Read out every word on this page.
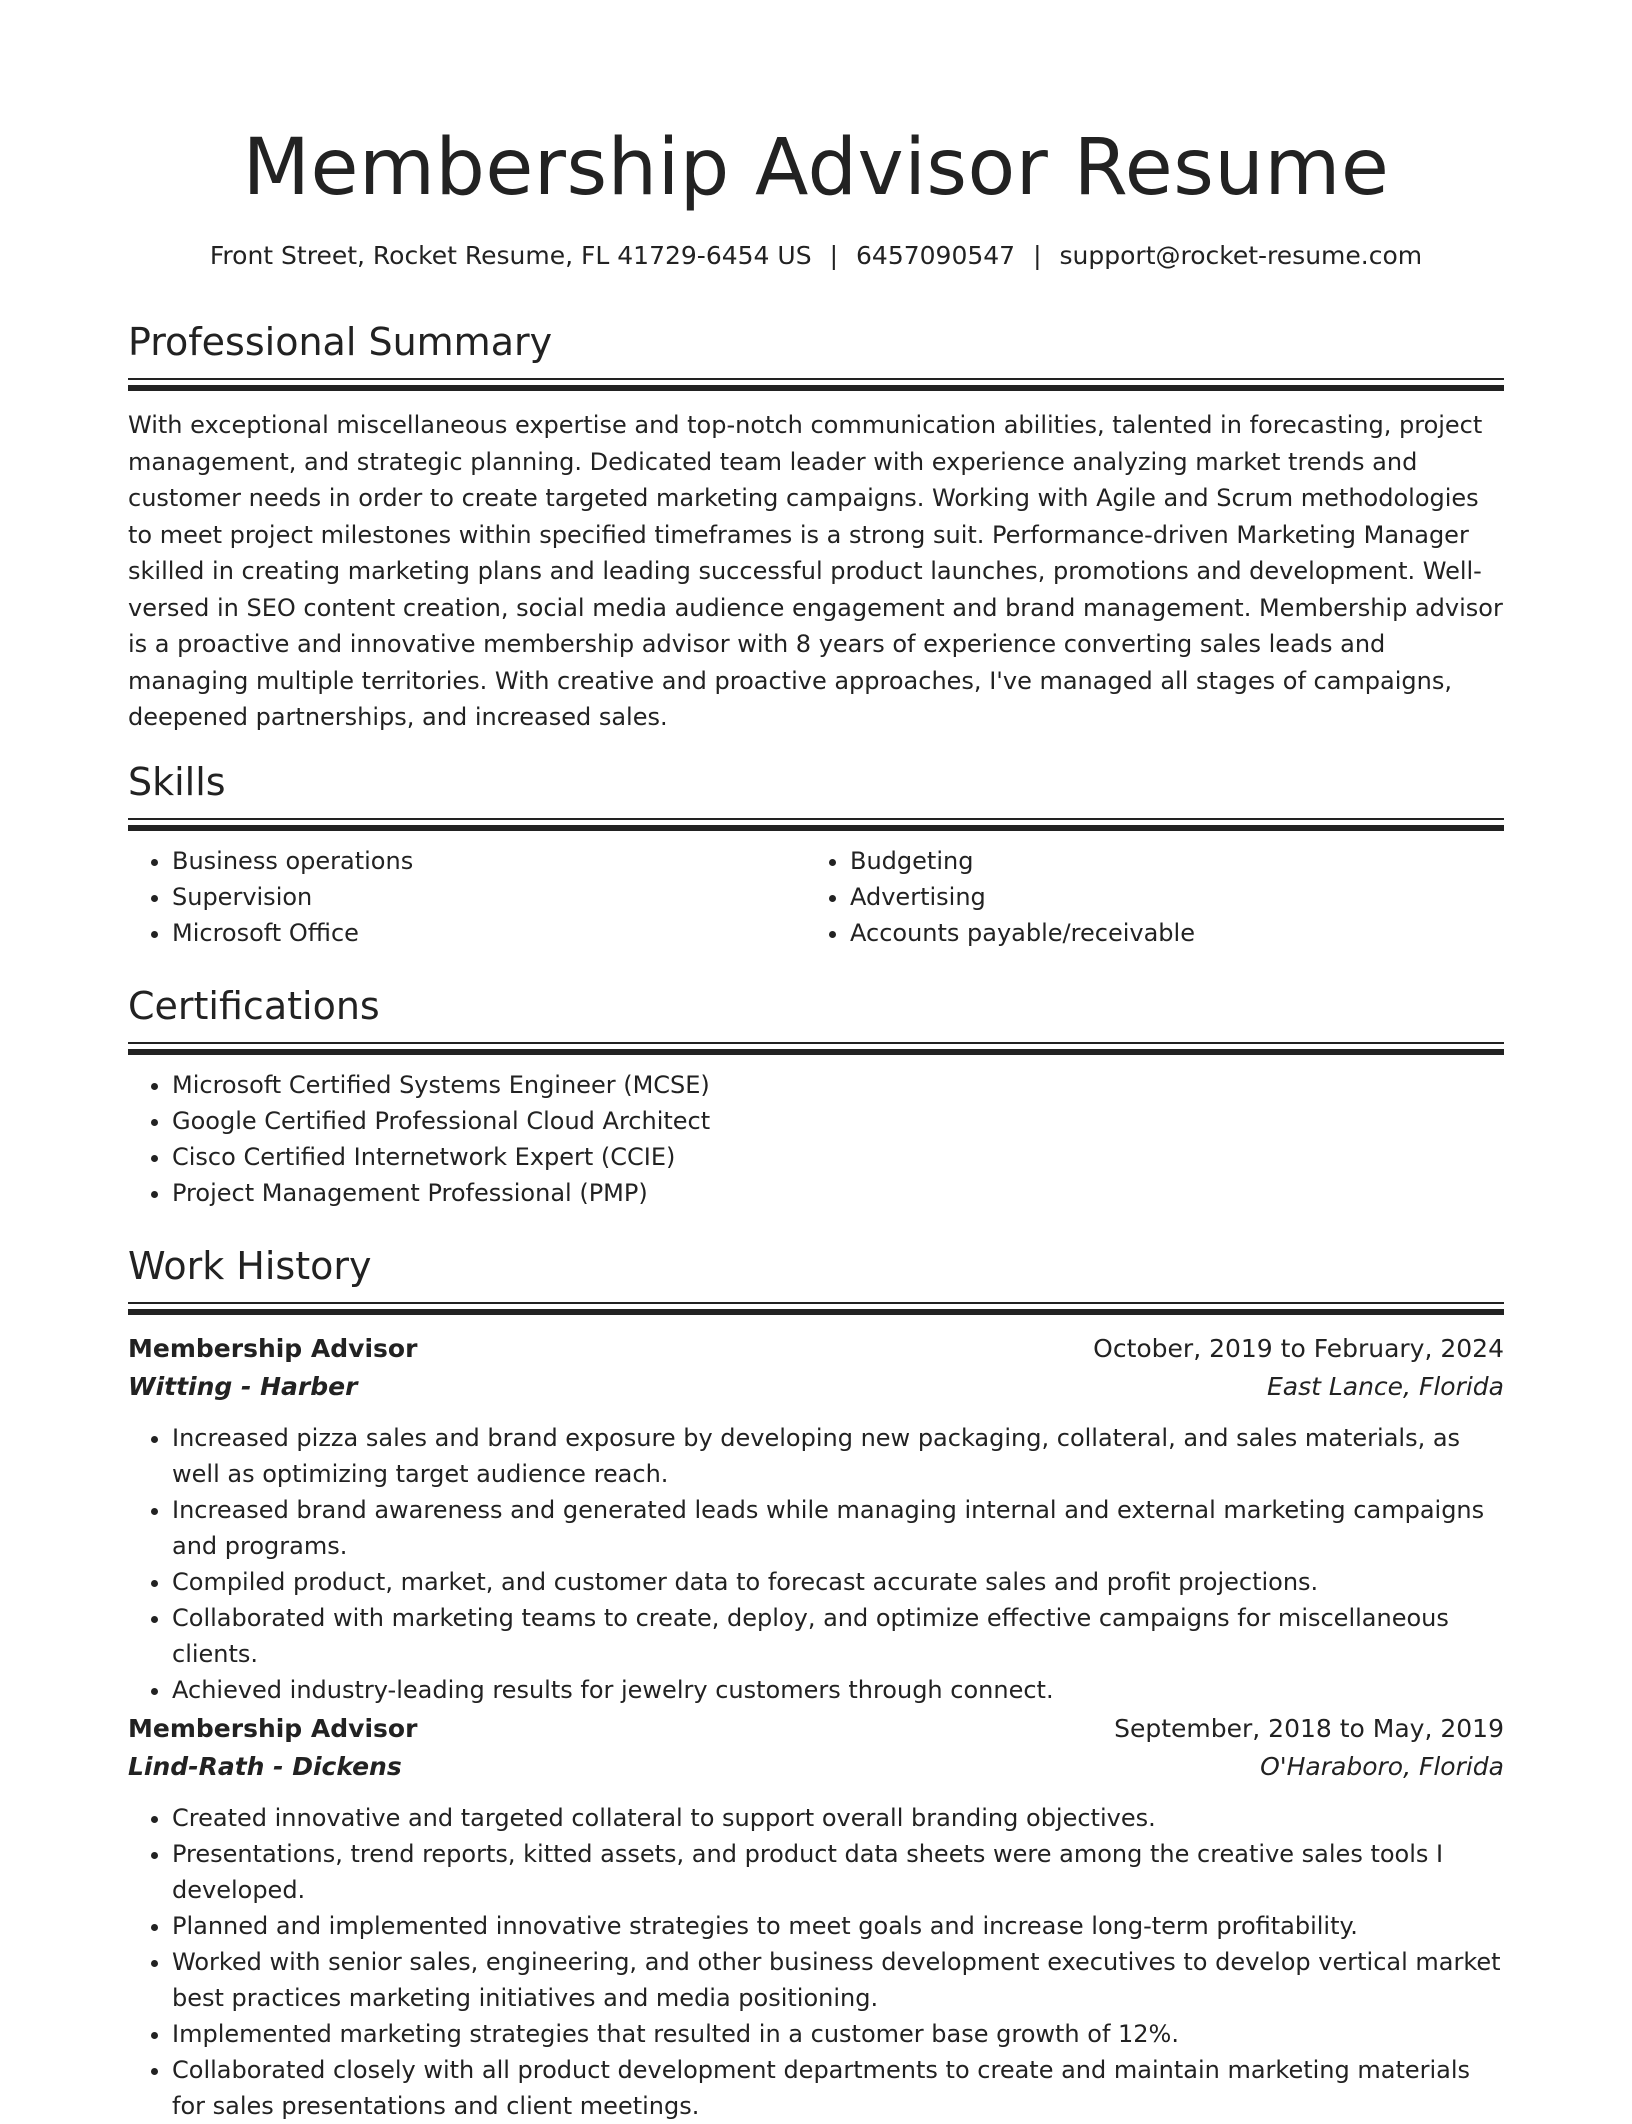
Membership Advisor Resume
Front Street, Rocket Resume, FL 41729-6454 US | 6457090547 | support@rocket-resume.com
Professional Summary
With exceptional miscellaneous expertise and top-notch communication abilities, talented in forecasting, project management, and strategic planning. Dedicated team leader with experience analyzing market trends and customer needs in order to create targeted marketing campaigns. Working with Agile and Scrum methodologies to meet project milestones within specified timeframes is a strong suit. Performance-driven Marketing Manager skilled in creating marketing plans and leading successful product launches, promotions and development. Well-versed in SEO content creation, social media audience engagement and brand management. Membership advisor is a proactive and innovative membership advisor with 8 years of experience converting sales leads and managing multiple territories. With creative and proactive approaches, I've managed all stages of campaigns, deepened partnerships, and increased sales.
Skills
• Business operations
• Supervision
• Microsoft Office
• Budgeting
• Advertising
• Accounts payable/receivable
Certifications
• Microsoft Certified Systems Engineer (MCSE)
• Google Certified Professional Cloud Architect
• Cisco Certified Internetwork Expert (CCIE)
• Project Management Professional (PMP)
Work History
Membership Advisor	October, 2019 to February, 2024
Witting - Harber	East Lance, Florida
• Increased pizza sales and brand exposure by developing new packaging, collateral, and sales materials, as well as optimizing target audience reach.
• Increased brand awareness and generated leads while managing internal and external marketing campaigns and programs.
• Compiled product, market, and customer data to forecast accurate sales and profit projections.
• Collaborated with marketing teams to create, deploy, and optimize effective campaigns for miscellaneous clients.
• Achieved industry-leading results for jewelry customers through connect.
Membership Advisor	September, 2018 to May, 2019
Lind-Rath - Dickens	O'Haraboro, Florida
• Created innovative and targeted collateral to support overall branding objectives.
• Presentations, trend reports, kitted assets, and product data sheets were among the creative sales tools I developed.
• Planned and implemented innovative strategies to meet goals and increase long-term profitability.
• Worked with senior sales, engineering, and other business development executives to develop vertical market best practices marketing initiatives and media positioning.
• Implemented marketing strategies that resulted in a customer base growth of 12%.
• Collaborated closely with all product development departments to create and maintain marketing materials for sales presentations and client meetings.
